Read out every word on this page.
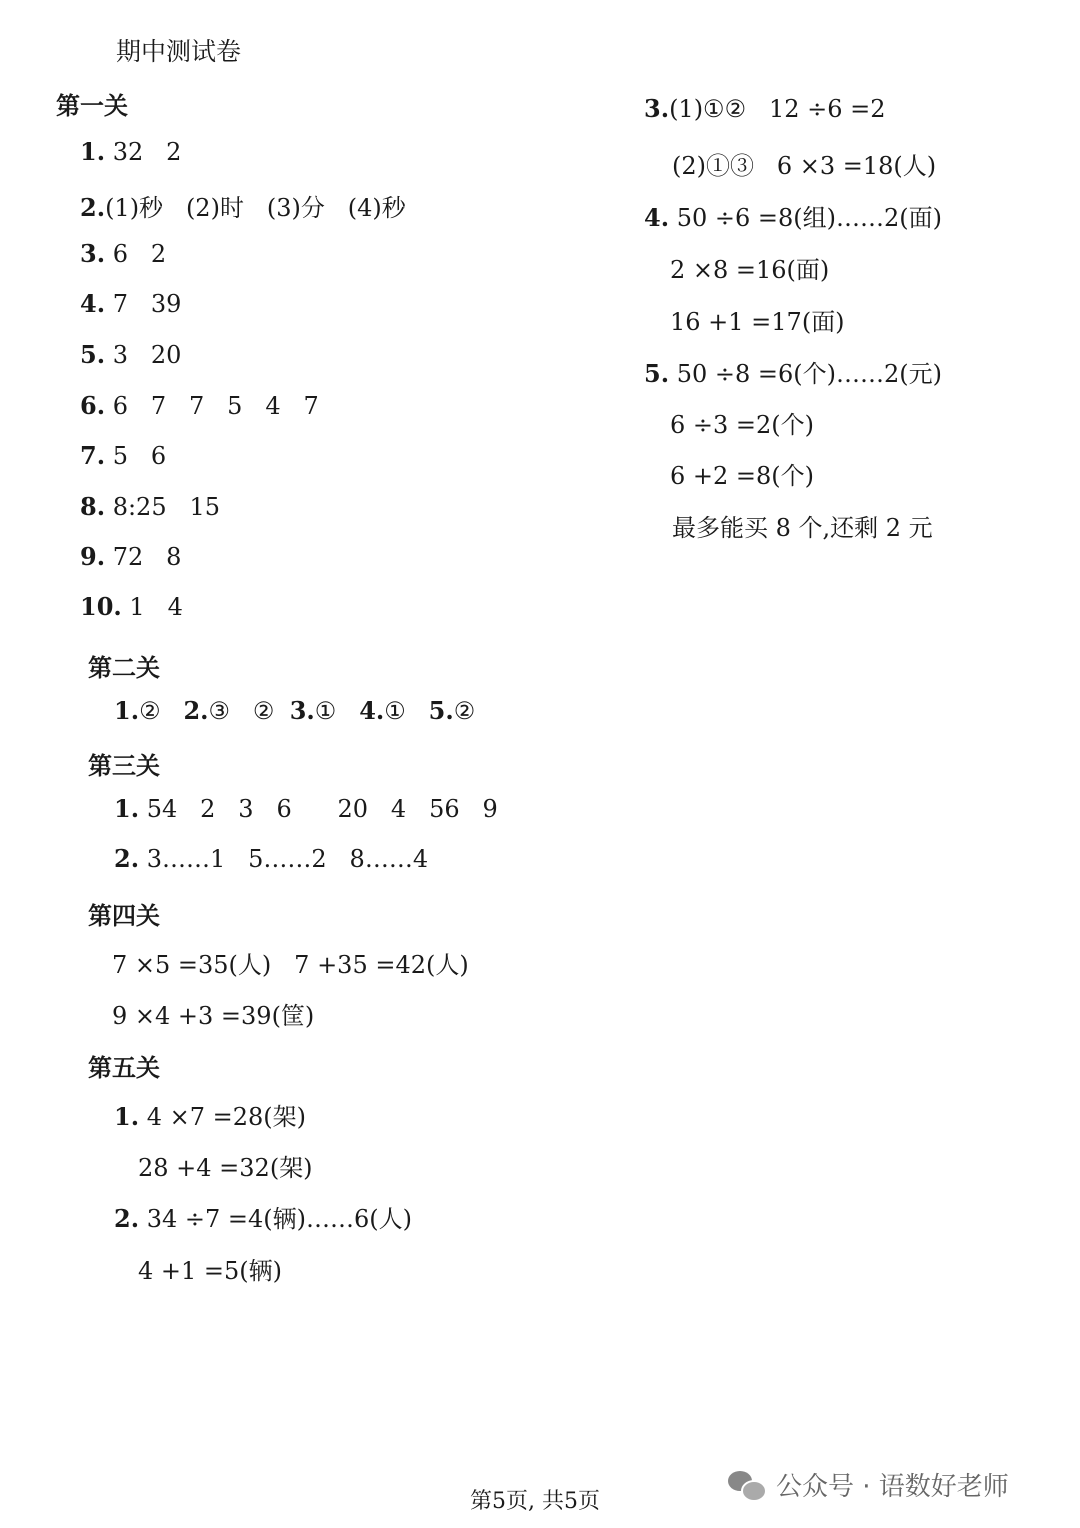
期中测试卷
第一关
1. 32   2
2.(1)秒   (2)时   (3)分   (4)秒
3. 6   2
4. 7   39
5. 3   20
6. 6   7   7   5   4   7
7. 5   6
8. 8:25   15
9. 72   8
10. 1   4
第二关
1.② 2.③   ② 3.① 4.① 5.②
第三关
1. 54   2   3   6      20   4   56   9
2. 3……1   5……2   8……4
第四关
7 ×5 =35(人)   7 +35 =42(人)
9 ×4 +3 =39(筐)
第五关
1. 4 ×7 =28(架)
28 +4 =32(架)
2. 34 ÷7 =4(辆)……6(人)
4 +1 =5(辆)
3.(1)①②   12 ÷6 =2
(2)①③   6 ×3 =18(人)
4. 50 ÷6 =8(组)……2(面)
2 ×8 =16(面)
16 +1 =17(面)
5. 50 ÷8 =6(个)……2(元)
6 ÷3 =2(个)
6 +2 =8(个)
最多能买 8 个,还剩 2 元
第5页, 共5页	公众号 · 语数好老师
